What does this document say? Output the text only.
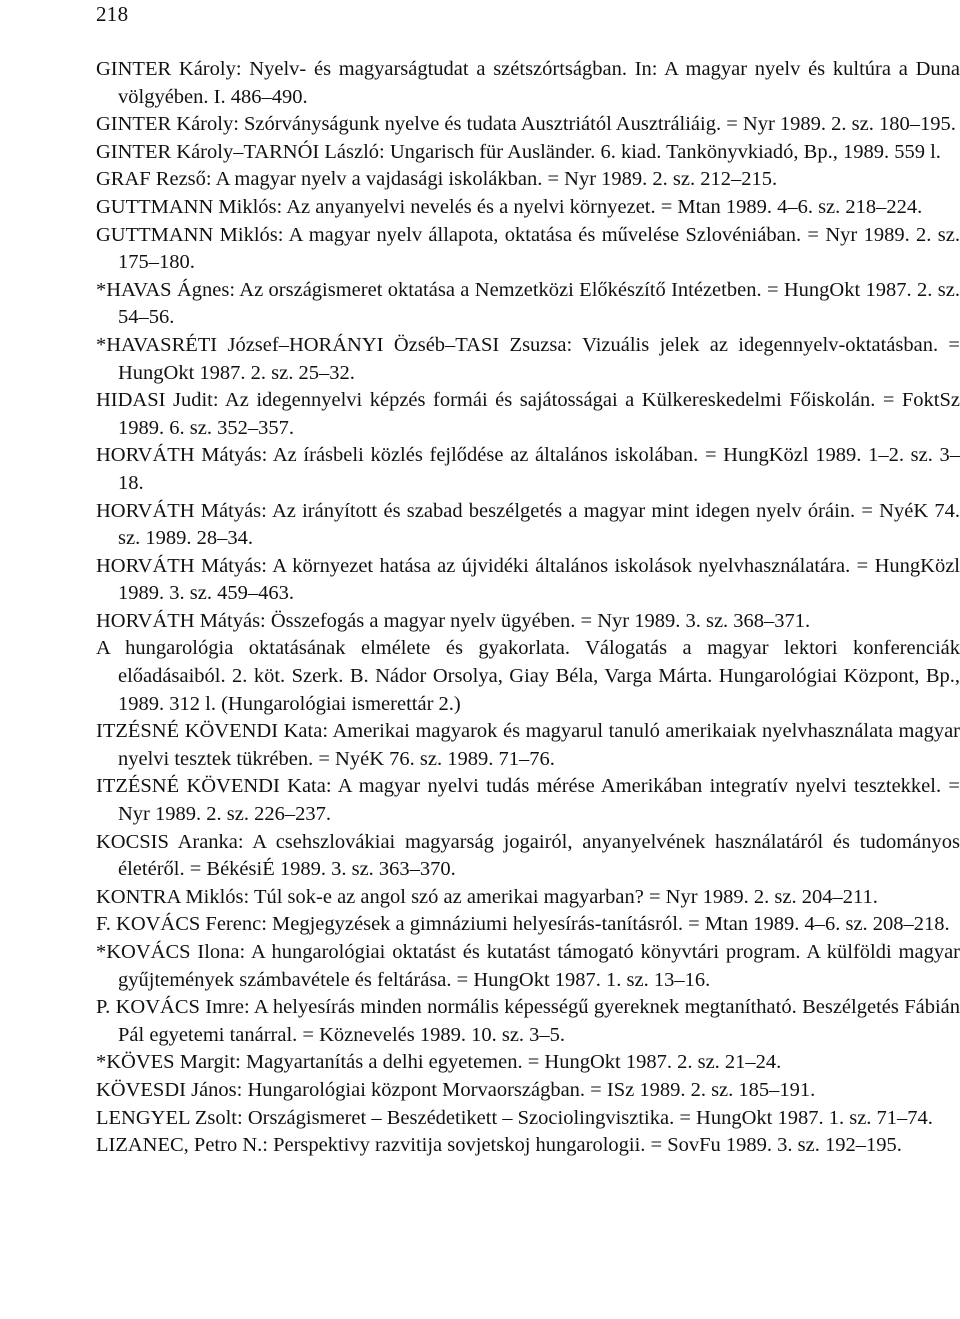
218

GINTER Károly: Nyelv- és magyarságtudat a szétszórtságban. In: A magyar nyelv és kultúra a Duna völgyében. I. 486–490.

GINTER Károly: Szórványságunk nyelve és tudata Ausztriától Ausztráliáig. = Nyr 1989. 2. sz. 180–195.

GINTER Károly–TARNÓI László: Ungarisch für Ausländer. 6. kiad. Tankönyvkiadó, Bp., 1989. 559 l.

GRAF Rezső: A magyar nyelv a vajdasági iskolákban. = Nyr 1989. 2. sz. 212–215.

GUTTMANN Miklós: Az anyanyelvi nevelés és a nyelvi környezet. = Mtan 1989. 4–6. sz. 218–224.

GUTTMANN Miklós: A magyar nyelv állapota, oktatása és művelése Szlovéniában. = Nyr 1989. 2. sz. 175–180.

*HAVAS Ágnes: Az országismeret oktatása a Nemzetközi Előkészítő Intézetben. = HungOkt 1987. 2. sz. 54–56.

*HAVASRÉTI József–HORÁNYI Özséb–TASI Zsuzsa: Vizuális jelek az idegennyelv-oktatásban. = HungOkt 1987. 2. sz. 25–32.

HIDASI Judit: Az idegennyelvi képzés formái és sajátosságai a Külkereskedelmi Főiskolán. = FoktSz 1989. 6. sz. 352–357.

HORVÁTH Mátyás: Az írásbeli közlés fejlődése az általános iskolában. = HungKözl 1989. 1–2. sz. 3–18.

HORVÁTH Mátyás: Az irányított és szabad beszélgetés a magyar mint idegen nyelv óráin. = NyéK 74. sz. 1989. 28–34.

HORVÁTH Mátyás: A környezet hatása az újvidéki általános iskolások nyelvhasználatára. = HungKözl 1989. 3. sz. 459–463.

HORVÁTH Mátyás: Összefogás a magyar nyelv ügyében. = Nyr 1989. 3. sz. 368–371.

A hungarológia oktatásának elmélete és gyakorlata. Válogatás a magyar lektori konferenciák előadásaiból. 2. köt. Szerk. B. Nádor Orsolya, Giay Béla, Varga Márta. Hungarológiai Központ, Bp., 1989. 312 l. (Hungarológiai ismerettár 2.)

ITZÉSNÉ KÖVENDI Kata: Amerikai magyarok és magyarul tanuló amerikaiak nyelvhasználata magyar nyelvi tesztek tükrében. = NyéK 76. sz. 1989. 71–76.

ITZÉSNÉ KÖVENDI Kata: A magyar nyelvi tudás mérése Amerikában integratív nyelvi tesztekkel. = Nyr 1989. 2. sz. 226–237.

KOCSIS Aranka: A csehszlovákiai magyarság jogairól, anyanyelvének használatáról és tudományos életéről. = BékésiÉ 1989. 3. sz. 363–370.

KONTRA Miklós: Túl sok-e az angol szó az amerikai magyarban? = Nyr 1989. 2. sz. 204–211.

F. KOVÁCS Ferenc: Megjegyzések a gimnáziumi helyesírás-tanításról. = Mtan 1989. 4–6. sz. 208–218.

*KOVÁCS Ilona: A hungarológiai oktatást és kutatást támogató könyvtári program. A külföldi magyar gyűjtemények számbavétele és feltárása. = HungOkt 1987. 1. sz. 13–16.

P. KOVÁCS Imre: A helyesírás minden normális képességű gyereknek megtanítható. Beszélgetés Fábián Pál egyetemi tanárral. = Köznevelés 1989. 10. sz. 3–5.

*KÖVES Margit: Magyartanítás a delhi egyetemen. = HungOkt 1987. 2. sz. 21–24.

KÖVESDI János: Hungarológiai központ Morvaországban. = ISz 1989. 2. sz. 185–191.

LENGYEL Zsolt: Országismeret – Beszédetikett – Szociolingvisztika. = HungOkt 1987. 1. sz. 71–74.

LIZANEC, Petro N.: Perspektivy razvitija sovjetskoj hungarologii. = SovFu 1989. 3. sz. 192–195.
